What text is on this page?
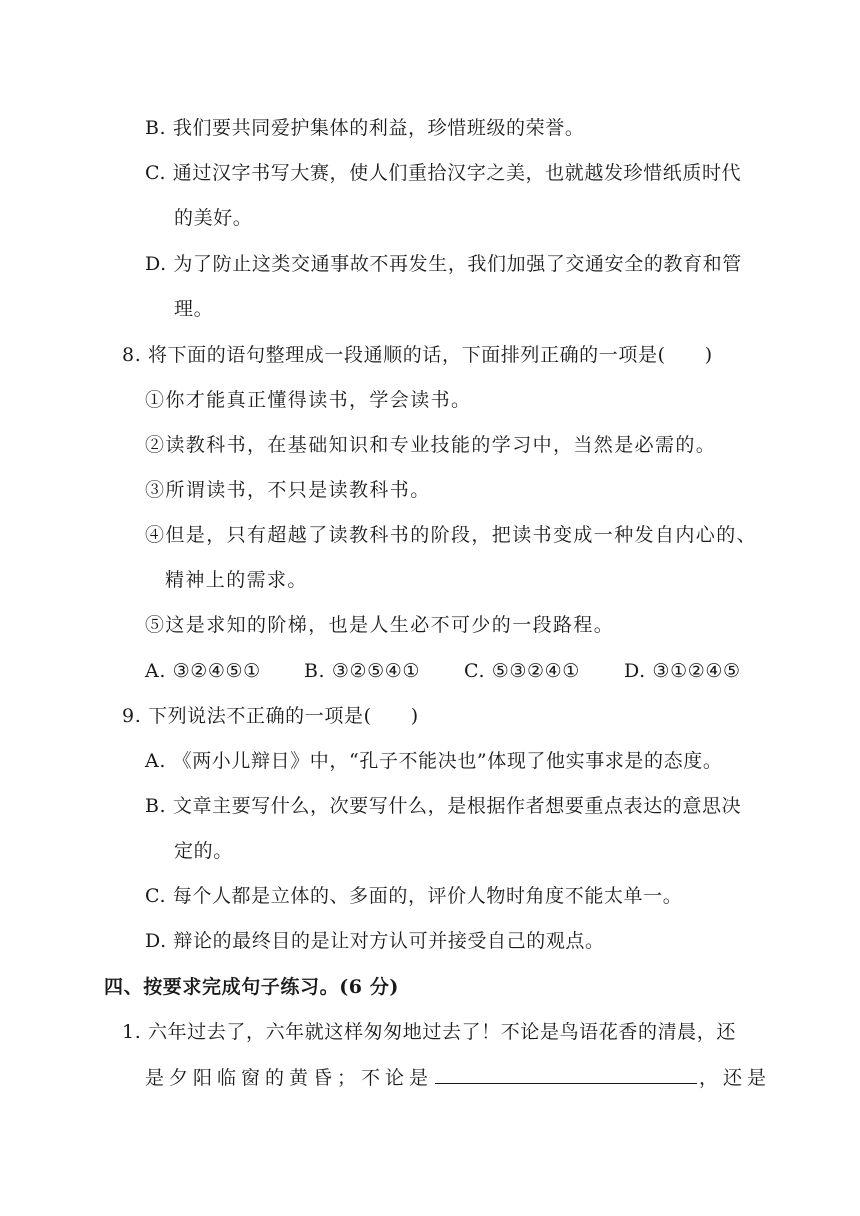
B. 我们要共同爱护集体的利益，珍惜班级的荣誉。
C. 通过汉字书写大赛，使人们重拾汉字之美，也就越发珍惜纸质时代
的美好。
D. 为了防止这类交通事故不再发生，我们加强了交通安全的教育和管
理。
8. 将下面的语句整理成一段通顺的话，下面排列正确的一项是(　　)
①你才能真正懂得读书，学会读书。
②读教科书，在基础知识和专业技能的学习中，当然是必需的。
③所谓读书，不只是读教科书。
④但是，只有超越了读教科书的阶段，把读书变成一种发自内心的、
精神上的需求。
⑤这是求知的阶梯，也是人生必不可少的一段路程。
A. ③②④⑤① B. ③②⑤④① C. ⑤③②④① D. ③①②④⑤
9. 下列说法不正确的一项是(　　)
A. 《两小儿辩日》中，“孔子不能决也”体现了他实事求是的态度。
B. 文章主要写什么，次要写什么，是根据作者想要重点表达的意思决
定的。
C. 每个人都是立体的、多面的，评价人物时角度不能太单一。
D. 辩论的最终目的是让对方认可并接受自己的观点。
四、按要求完成句子练习。(6 分)
1. 六年过去了，六年就这样匆匆地过去了！不论是鸟语花香的清晨，还
是夕阳临窗的黄昏；不论是	，还是
